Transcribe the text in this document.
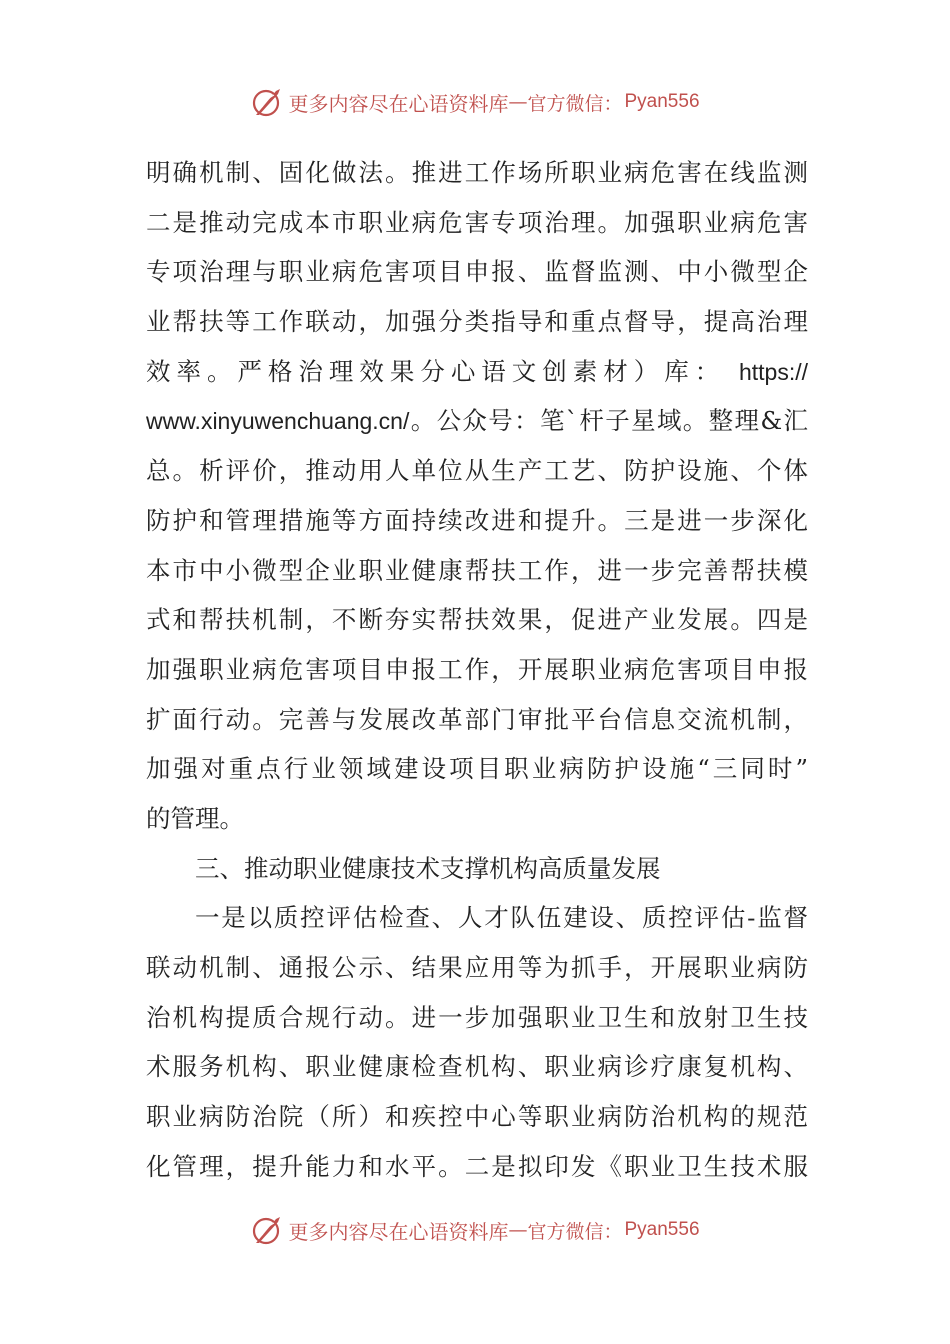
更多内容尽在心语资料库 — 官方微信： Pyan556
明确机制、固化做法。推进工作场所职业病危害在线监测
二是推动完成本市职业病危害专项治理。加强职业病危害
专项治理与职业病危害项目申报、监督监测、中小微型企
业帮扶等工作联动，加强分类指导和重点督导，提高治理
效率。严格治理效果分心语文创素材）库： https://
www.xinyuwenchuang.cn/。公众号：笔`杆子星域。整理&汇
总。析评价，推动用人单位从生产工艺、防护设施、个体
防护和管理措施等方面持续改进和提升。三是进一步深化
本市中小微型企业职业健康帮扶工作，进一步完善帮扶模
式和帮扶机制，不断夯实帮扶效果，促进产业发展。四是
加强职业病危害项目申报工作，开展职业病危害项目申报
扩面行动。完善与发展改革部门审批平台信息交流机制，
加强对重点行业领域建设项目职业病防护设施“三同时”
的管理。
三、推动职业健康技术支撑机构高质量发展
一是以质控评估检查、人才队伍建设、质控评估-监督
联动机制、通报公示、结果应用等为抓手，开展职业病防
治机构提质合规行动。进一步加强职业卫生和放射卫生技
术服务机构、职业健康检查机构、职业病诊疗康复机构、
职业病防治院（所）和疾控中心等职业病防治机构的规范
化管理，提升能力和水平。二是拟印发《职业卫生技术服
更多内容尽在心语资料库 — 官方微信： Pyan556
